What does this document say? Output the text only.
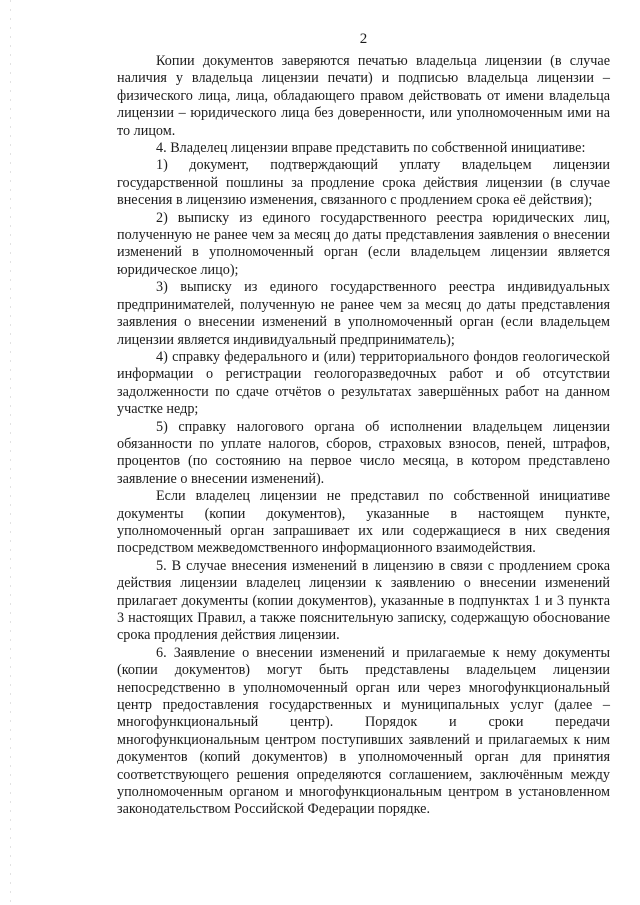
2

Копии документов заверяются печатью владельца лицензии (в случае наличия у владельца лицензии печати) и подписью владельца лицензии – физического лица, лица, обладающего правом действовать от имени владельца лицензии – юридического лица без доверенности, или уполномоченным ими на то лицом.

4. Владелец лицензии вправе представить по собственной инициативе:

1) документ, подтверждающий уплату владельцем лицензии государственной пошлины за продление срока действия лицензии (в случае внесения в лицензию изменения, связанного с продлением срока её действия);

2) выписку из единого государственного реестра юридических лиц, полученную не ранее чем за месяц до даты представления заявления о внесении изменений в уполномоченный орган (если владельцем лицензии является юридическое лицо);

3) выписку из единого государственного реестра индивидуальных предпринимателей, полученную не ранее чем за месяц до даты представления заявления о внесении изменений в уполномоченный орган (если владельцем лицензии является индивидуальный предприниматель);

4) справку федерального и (или) территориального фондов геологической информации о регистрации геологоразведочных работ и об отсутствии задолженности по сдаче отчётов о результатах завершённых работ на данном участке недр;

5) справку налогового органа об исполнении владельцем лицензии обязанности по уплате налогов, сборов, страховых взносов, пеней, штрафов, процентов (по состоянию на первое число месяца, в котором представлено заявление о внесении изменений).

Если владелец лицензии не представил по собственной инициативе документы (копии документов), указанные в настоящем пункте, уполномоченный орган запрашивает их или содержащиеся в них сведения посредством межведомственного информационного взаимодействия.

5. В случае внесения изменений в лицензию в связи с продлением срока действия лицензии владелец лицензии к заявлению о внесении изменений прилагает документы (копии документов), указанные в подпунктах 1 и 3 пункта 3 настоящих Правил, а также пояснительную записку, содержащую обоснование срока продления действия лицензии.

6. Заявление о внесении изменений и прилагаемые к нему документы (копии документов) могут быть представлены владельцем лицензии непосредственно в уполномоченный орган или через многофункциональный центр предоставления государственных и муниципальных услуг (далее – многофункциональный центр). Порядок и сроки передачи многофункциональным центром поступивших заявлений и прилагаемых к ним документов (копий документов) в уполномоченный орган для принятия соответствующего решения определяются соглашением, заключённым между уполномоченным органом и многофункциональным центром в установленном законодательством Российской Федерации порядке.
